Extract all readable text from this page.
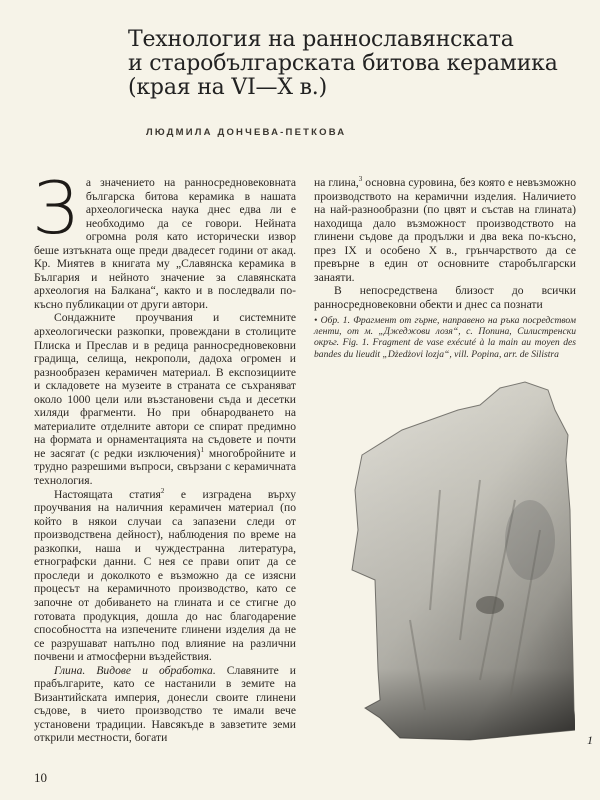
Технология на раннославянската
и старобългарската битова керамика
(края на VI—X в.)
ЛЮДМИЛА ДОНЧЕВА-ПЕТКОВА

За значението на ранносредновековната българска битова керамика в нашата археологическа наука днес едва ли е необходимо да се говори. Нейната огромна роля като исторически извор беше изтъкната още преди двадесет години от акад. Кр. Миятев в книгата му „Славянска керамика в България и нейното значение за славянската археология на Балкана“, както и в последвали по-късно публикации от други автори.

Сондажните проучвания и системните археологически разкопки, провеждани в столиците Плиска и Преслав и в редица ранносредновековни градища, селища, некрополи, дадоха огромен и разнообразен керамичен материал. В експозициите и складовете на музеите в страната се съхраняват около 1000 цели или възстановени съда и десетки хиляди фрагменти. Но при обнародването на материалите отделните автори се спират предимно на формата и орнаментацията на съдовете и почти не засягат (с редки изключения)$^1$ многобройните и трудно разрешими въпроси, свързани с керамичната технология.

Настоящата статия$^2$ е изградена върху проучвания на наличния керамичен материал (по който в някои случаи са запазени следи от производствена дейност), наблюдения по време на разкопки, наша и чуждестранна литература, етнографски данни. С нея се прави опит да се проследи и доколкото е възможно да се изясни процесът на керамичното производство, като се започне от добиването на глината и се стигне до готовата продукция, дошла до нас благодарение способността на изпечените глинени изделия да не се разрушават напълно под влияние на различни почвени и атмосферни въздействия.

Глина. Видове и обработка. Славяните и прабългарите, като се настанили в земите на Византийската империя, донесли своите глинени съдове, в чието производство те имали вече установени традиции. Навсякъде в завзетите земи открили местности, богати

на глина,$^3$ основна суровина, без която е невъзможно производството на керамични изделия. Наличието на най-разнообразни (по цвят и състав на глината) находища дало възможност производството на глинени съдове да продължи и два века по-късно, през IX и особено X в., грънчарството да се превърне в един от основните старобългарски занаяти.

В непосредствена близост до всички ранносредновековни обекти и днес са познати

• Обр. 1. Фрагмент от гърне, направено на ръка посредством ленти, от м. „Джеджови лозя“, с. Попина, Силистренски окръг. Fig. 1. Fragment de vase exécuté à la main au moyen des bandes du lieudit „Dżedżovi lozja“, vill. Popina, arr. de Silistra
1
10
